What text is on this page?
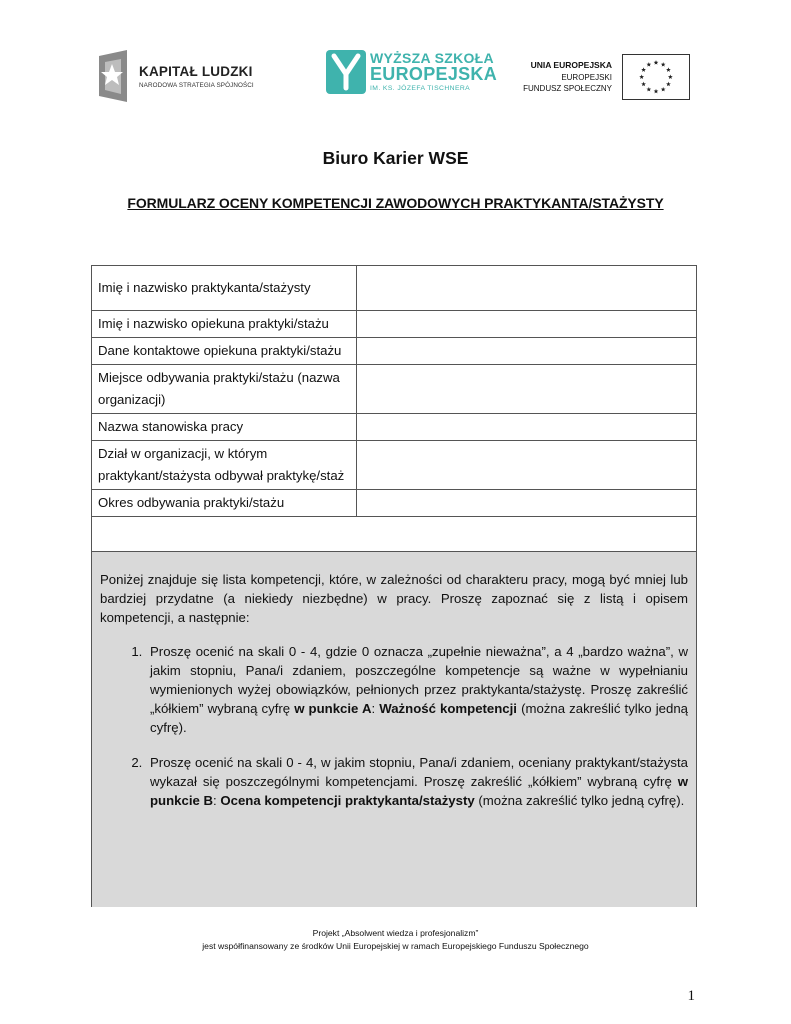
KAPITAŁ LUDZKI
NARODOWA STRATEGIA SPÓJNOŚCI
WYŻSZA SZKOŁA
EUROPEJSKA
IM. KS. JÓZEFA TISCHNERA
UNIA EUROPEJSKA
EUROPEJSKI
FUNDUSZ SPOŁECZNY
Biuro Karier WSE
FORMULARZ OCENY KOMPETENCJI ZAWODOWYCH PRAKTYKANTA/STAŻYSTY
Imię i nazwisko praktykanta/stażysty	
Imię i nazwisko opiekuna praktyki/stażu	
Dane kontaktowe opiekuna praktyki/stażu	
Miejsce odbywania praktyki/stażu (nazwa organizacji)	
Nazwa stanowiska pracy	
Dział w organizacji, w którym praktykant/stażysta odbywał praktykę/staż	
Okres odbywania praktyki/stażu	

Poniżej znajduje się lista kompetencji, które, w zależności od charakteru pracy, mogą być mniej lub bardziej przydatne (a niekiedy niezbędne) w pracy. Proszę zapoznać się z listą i opisem kompetencji, a następnie:

1. Proszę ocenić na skali 0 - 4, gdzie 0 oznacza „zupełnie nieważna”, a 4 „bardzo ważna”, w jakim stopniu, Pana/i zdaniem, poszczególne kompetencje są ważne w wypełnianiu wymienionych wyżej obowiązków, pełnionych przez praktykanta/stażystę. Proszę zakreślić „kółkiem” wybraną cyfrę w punkcie A: Ważność kompetencji (można zakreślić tylko jedną cyfrę).
2. Proszę ocenić na skali 0 - 4, w jakim stopniu, Pana/i zdaniem, oceniany praktykant/stażysta wykazał się poszczególnymi kompetencjami. Proszę zakreślić „kółkiem” wybraną cyfrę w punkcie B: Ocena kompetencji praktykanta/stażysty (można zakreślić tylko jedną cyfrę).
Projekt „Absolwent wiedza i profesjonalizm”
jest współfinansowany ze środków Unii Europejskiej w ramach Europejskiego Funduszu Społecznego
1
